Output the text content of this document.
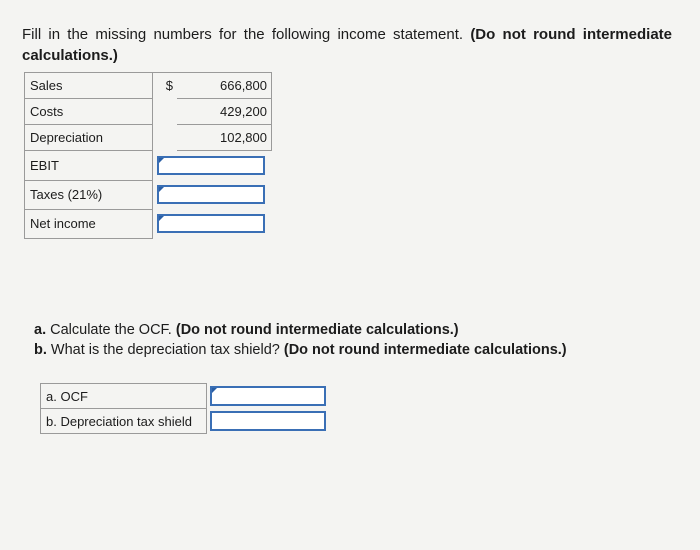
Fill in the missing numbers for the following income statement. (Do not round intermediate calculations.)
Sales	$	666,800
Costs		429,200
Depreciation		102,800
EBIT		

Taxes (21%)		

Net income		
a. Calculate the OCF. (Do not round intermediate calculations.)
b. What is the depreciation tax shield? (Do not round intermediate calculations.)
a. OCF	

b. Depreciation tax shield	
